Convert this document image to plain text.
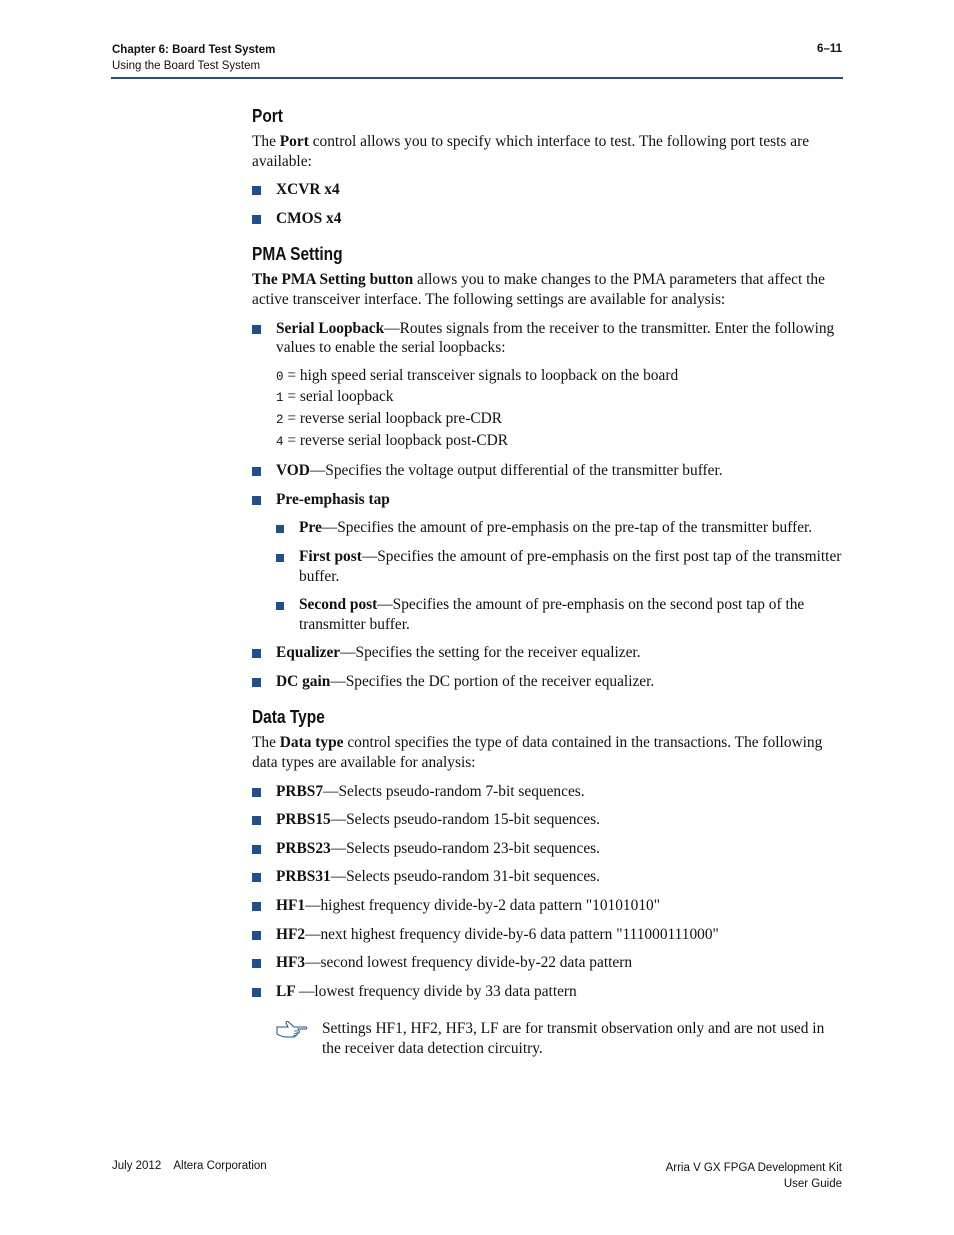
Chapter 6: Board Test System
Using the Board Test System
6–11
Port

The Port control allows you to specify which interface to test. The following port tests are available:

XCVR x4
CMOS x4
PMA Setting

The PMA Setting button allows you to make changes to the PMA parameters that affect the active transceiver interface. The following settings are available for analysis:

Serial Loopback—Routes signals from the receiver to the transmitter. Enter the following values to enable the serial loopbacks:
0 = high speed serial transceiver signals to loopback on the board
1 = serial loopback
2 = reverse serial loopback pre-CDR
4 = reverse serial loopback post-CDR
VOD—Specifies the voltage output differential of the transmitter buffer.
Pre-emphasis tap
Pre—Specifies the amount of pre-emphasis on the pre-tap of the transmitter buffer.
First post—Specifies the amount of pre-emphasis on the first post tap of the transmitter buffer.
Second post—Specifies the amount of pre-emphasis on the second post tap of the transmitter buffer.
Equalizer—Specifies the setting for the receiver equalizer.
DC gain—Specifies the DC portion of the receiver equalizer.
Data Type

The Data type control specifies the type of data contained in the transactions. The following data types are available for analysis:

PRBS7—Selects pseudo-random 7-bit sequences.
PRBS15—Selects pseudo-random 15-bit sequences.
PRBS23—Selects pseudo-random 23-bit sequences.
PRBS31—Selects pseudo-random 31-bit sequences.
HF1—highest frequency divide-by-2 data pattern "10101010"
HF2—next highest frequency divide-by-6 data pattern "111000111000"
HF3—second lowest frequency divide-by-22 data pattern
LF —lowest frequency divide by 33 data pattern
Settings HF1, HF2, HF3, LF are for transmit observation only and are not used in the receiver data detection circuitry.
July 2012    Altera Corporation	Arria V GX FPGA Development Kit
User Guide
